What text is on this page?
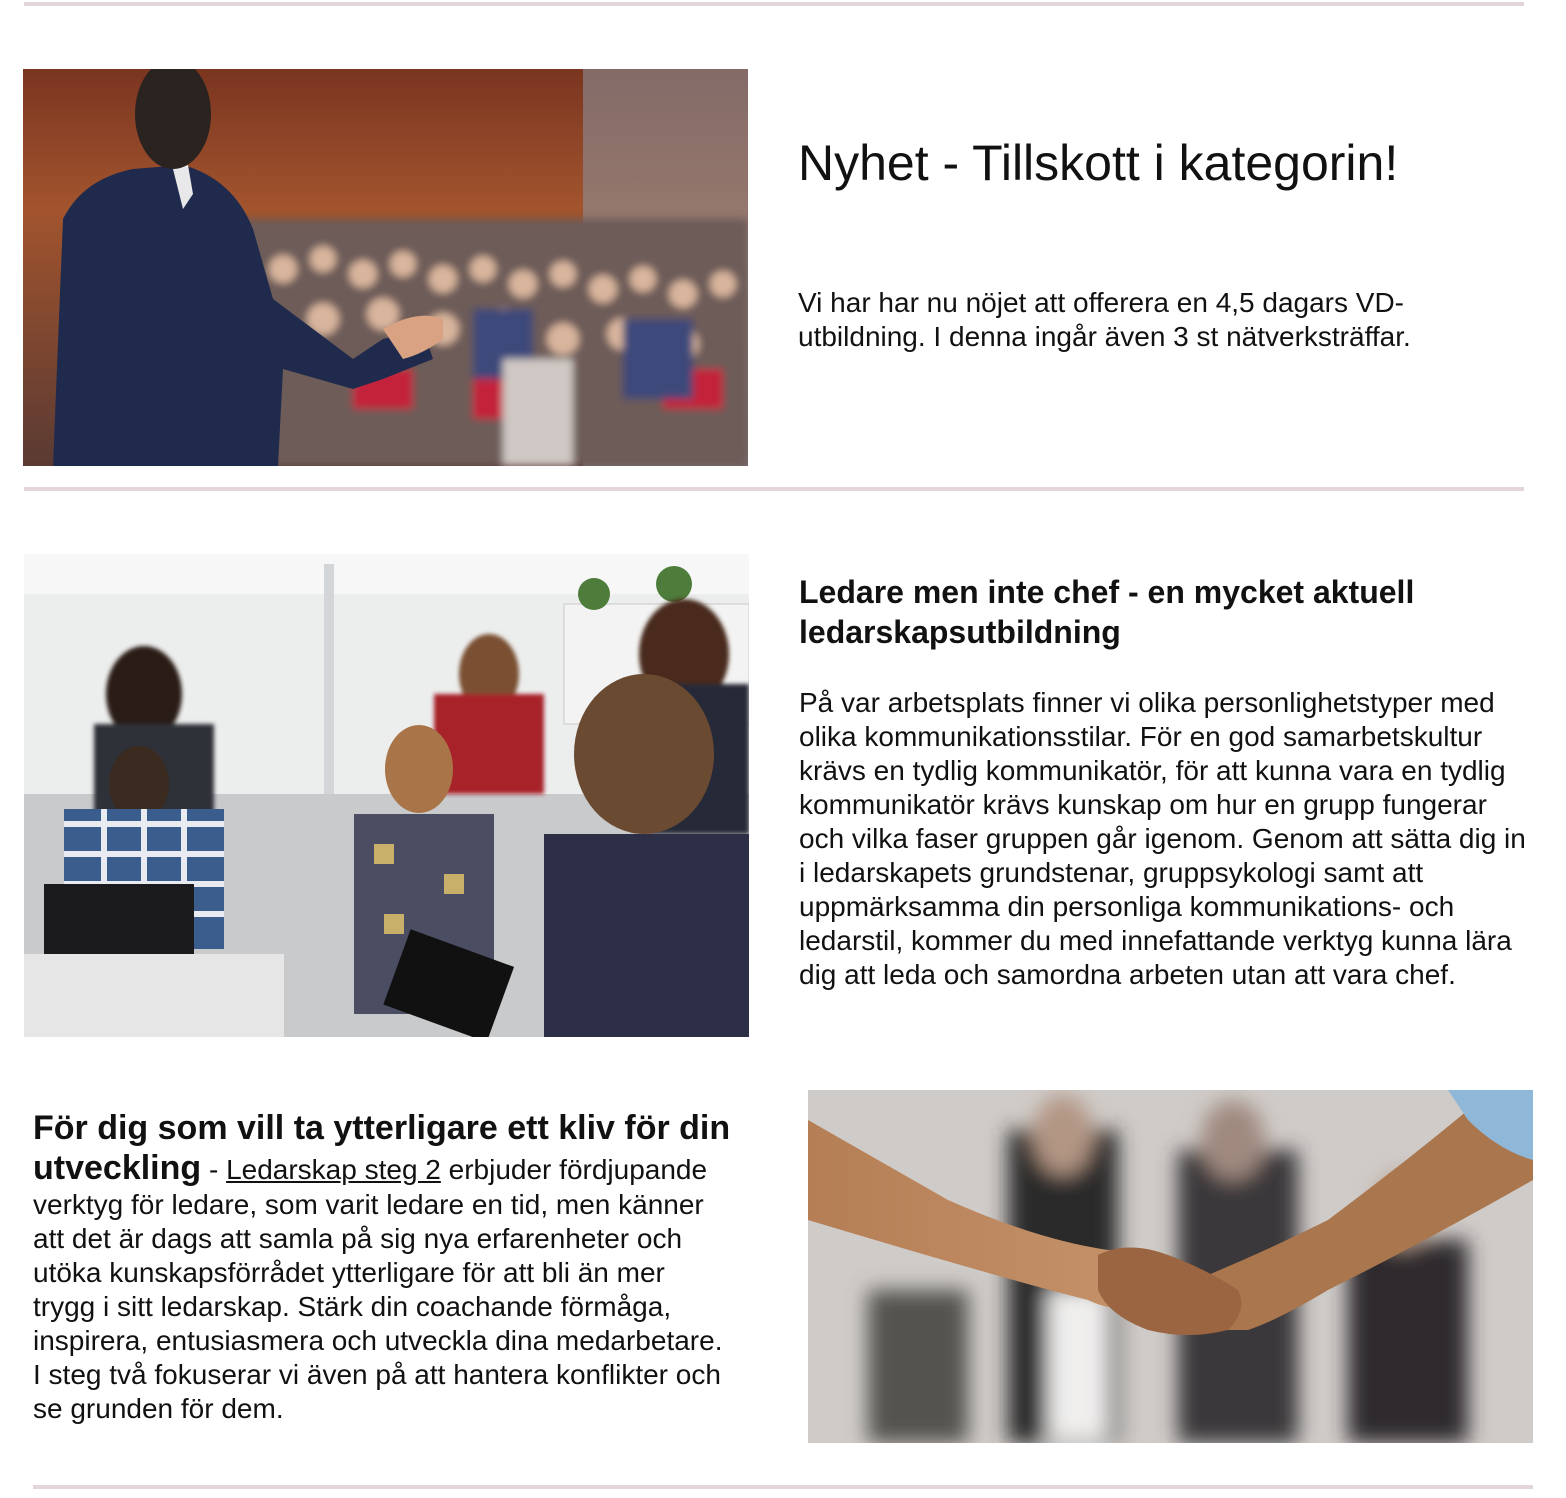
Nyhet - Tillskott i kategorin!

Vi har har nu nöjet att offerera en 4,5 dagars VD-utbildning. I denna ingår även 3 st nätverksträffar.

Ledare men inte chef - en mycket aktuell ledarskapsutbildning

På var arbetsplats finner vi olika personlighetstyper med olika kommunikationsstilar. För en god samarbetskultur krävs en tydlig kommunikatör, för att kunna vara en tydlig kommunikatör krävs kunskap om hur en grupp fungerar och vilka faser gruppen går igenom. Genom att sätta dig in i ledarskapets grundstenar, gruppsykologi samt att uppmärksamma din personliga kommunikations- och ledarstil, kommer du med innefattande verktyg kunna lära dig att leda och samordna arbeten utan att vara chef.

För dig som vill ta ytterligare ett kliv för din utveckling - Ledarskap steg 2 erbjuder fördjupande verktyg för ledare, som varit ledare en tid, men känner att det är dags att samla på sig nya erfarenheter och utöka kunskapsförrådet ytterligare för att bli än mer trygg i sitt ledarskap. Stärk din coachande förmåga, inspirera, entusiasmera och utveckla dina medarbetare. I steg två fokuserar vi även på att hantera konflikter och se grunden för dem.
